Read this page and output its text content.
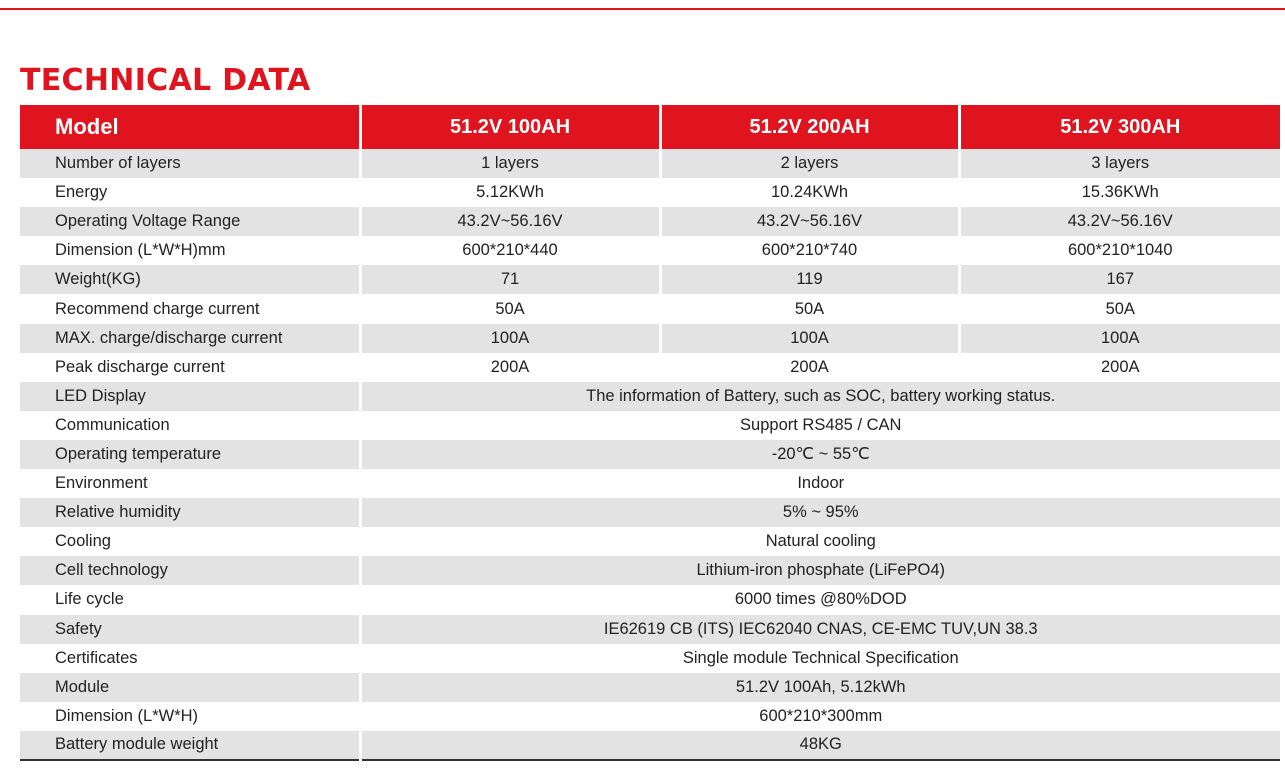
TECHNICAL DATA
Model	51.2V 100AH	51.2V 200AH	51.2V 300AH
Number of layers	1 layers	2 layers	3 layers
Energy	5.12KWh	10.24KWh	15.36KWh
Operating Voltage Range	43.2V~56.16V	43.2V~56.16V	43.2V~56.16V
Dimension (L*W*H)mm	600*210*440	600*210*740	600*210*1040
Weight(KG)	71	119	167
Recommend charge current	50A	50A	50A
MAX. charge/discharge current	100A	100A	100A
Peak discharge current	200A	200A	200A
LED Display	The information of Battery, such as SOC, battery working status.		
Communication	Support RS485 / CAN		
Operating temperature	-20℃ ~ 55℃		
Environment	Indoor		
Relative humidity	5% ~ 95%		
Cooling	Natural cooling		
Cell technology	Lithium-iron phosphate (LiFePO4)		
Life cycle	6000 times @80%DOD		
Safety	IE62619 CB (ITS) IEC62040 CNAS, CE-EMC TUV,UN 38.3		
Certificates	Single module Technical Specification		
Module	51.2V 100Ah, 5.12kWh		
Dimension (L*W*H)	600*210*300mm		
Battery module weight	48KG		
